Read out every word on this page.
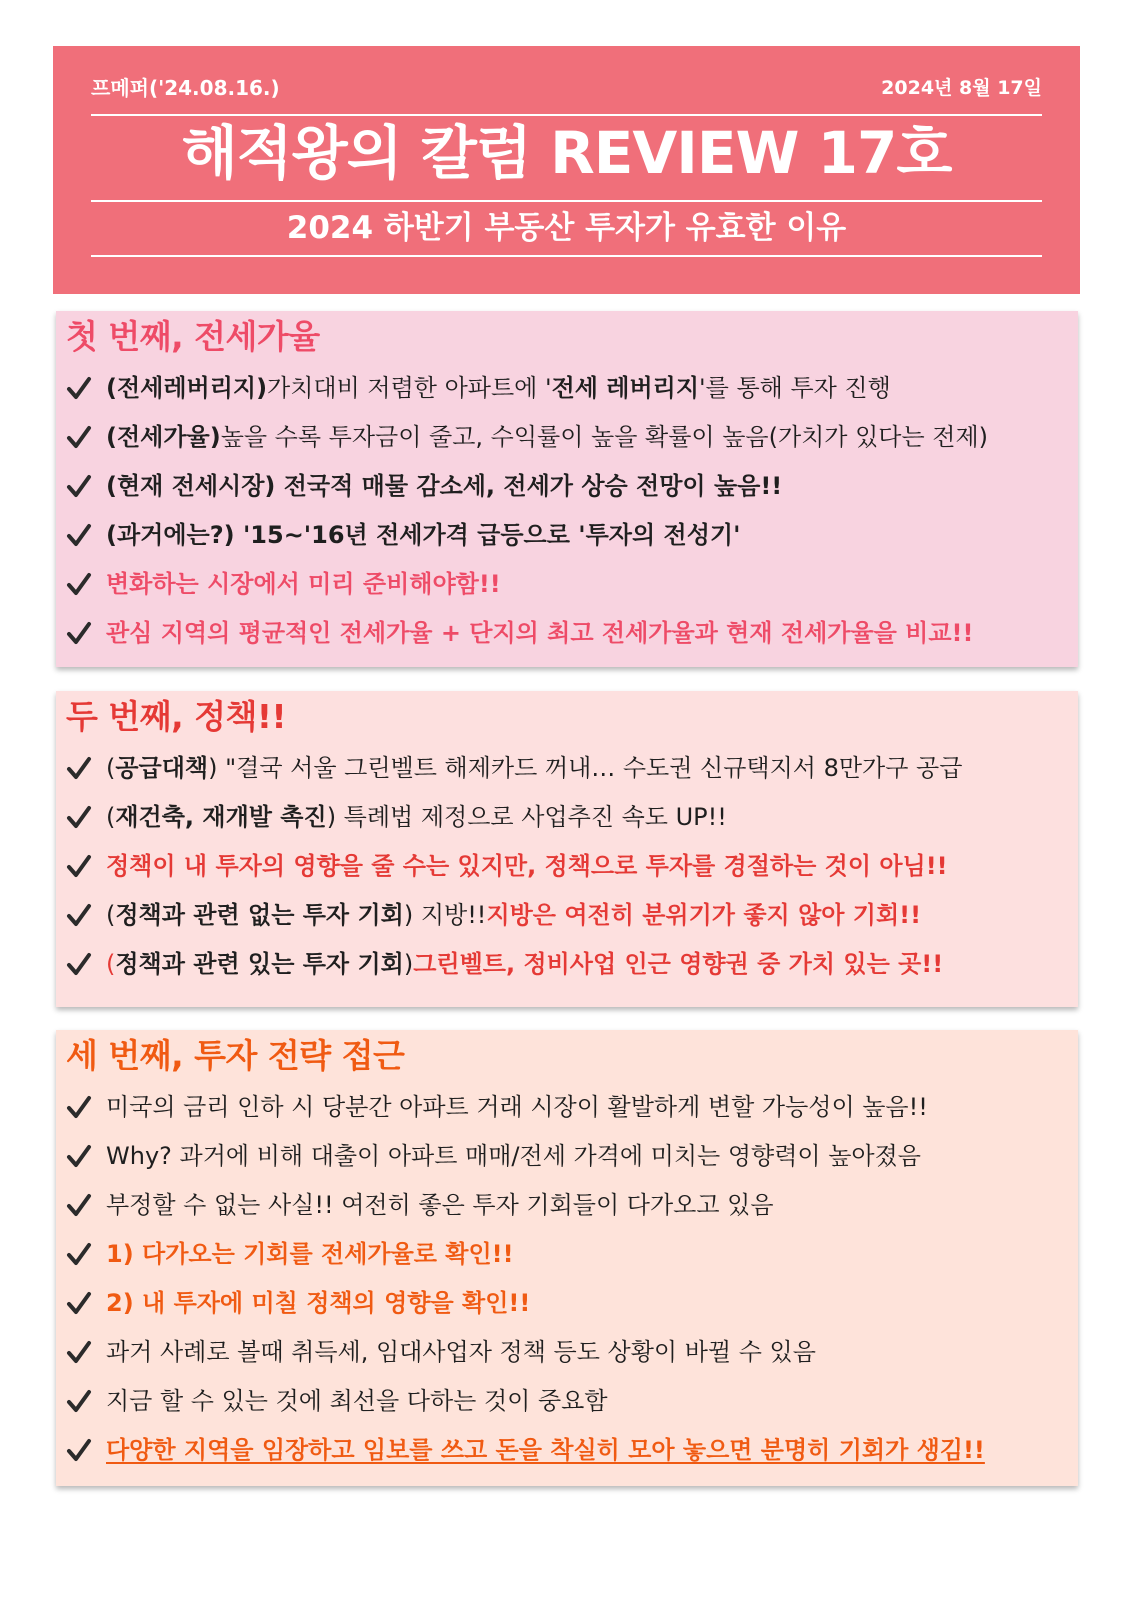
프메퍼('24.08.16.)	2024년 8월 17일
해적왕의 칼럼 REVIEW 17호
2024 하반기 부동산 투자가 유효한 이유
첫 번째, 전세가율
(전세레버리지) 가치대비 저렴한 아파트에 ' 전세 레버리지 '를 통해 투자 진행
(전세가율) 높을 수록 투자금이 줄고, 수익률이 높을 확률이 높음(가치가 있다는 전제)
(현재 전세시장) 전국적 매물 감소세, 전세가 상승 전망이 높음!!
(과거에는?) '15~'16년 전세가격 급등으로 '투자의 전성기'
변화하는 시장에서 미리 준비해야함!!
관심 지역의 평균적인 전세가율 + 단지의 최고 전세가율과 현재 전세가율을 비교!!
두 번째, 정책!!
( 공급대책 ) "결국 서울 그린벨트 해제카드 꺼내… 수도권 신규택지서 8만가구 공급
( 재건축, 재개발 촉진 ) 특례법 제정으로 사업추진 속도 UP!!
정책이 내 투자의 영향을 줄 수는 있지만, 정책으로 투자를 경절하는 것이 아님!!
( 정책과 관련 없는 투자 기회 ) 지방!! 지방은 여전히 분위기가 좋지 않아 기회!!
( 정책과 관련 있는 투자 기회 ) 그린벨트, 정비사업 인근 영향권 중 가치 있는 곳!!
세 번째, 투자 전략 접근
미국의 금리 인하 시 당분간 아파트 거래 시장이 활발하게 변할 가능성이 높음!!
Why? 과거에 비해 대출이 아파트 매매/전세 가격에 미치는 영향력이 높아졌음
부정할 수 없는 사실!! 여전히 좋은 투자 기회들이 다가오고 있음
1) 다가오는 기회를 전세가율로 확인!!
2) 내 투자에 미칠 정책의 영향을 확인!!
과거 사례로 볼때 취득세, 임대사업자 정책 등도 상황이 바뀔 수 있음
지금 할 수 있는 것에 최선을 다하는 것이 중요함
다양한 지역을 임장하고 임보를 쓰고 돈을 착실히 모아 놓으면 분명히 기회가 생김!!
